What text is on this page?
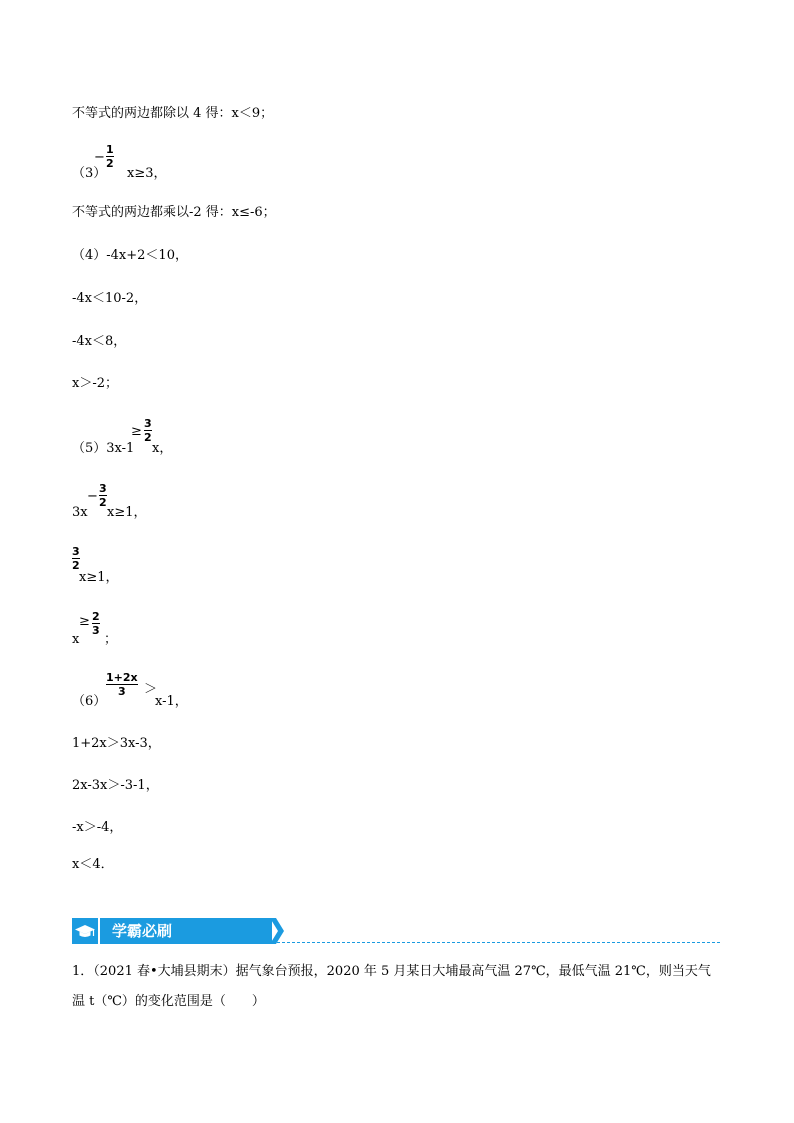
不等式的两边都除以 4 得：x＜9；
（3）
−
1
2
x≥3，
不等式的两边都乘以-2 得：x≤-6；
（4）-4x+2＜10，
-4x＜10-2，
-4x＜8，
x＞-2；
（5）3x-1
≥
3
2
x，
3x
−
3
2
x≥1，
3
2
x≥1，
x
≥ 2
3
；
（6）
1+2x
3 ＞
x-1，
1+2x＞3x-3，
2x-3x＞-3-1，
-x＞-4，
x＜4．
学霸必刷
1．（2021 春•大埔县期末）据气象台预报，2020 年 5 月某日大埔最高气温 27℃，最低气温 21℃，则当天气
温 t（℃）的变化范围是（　　）
